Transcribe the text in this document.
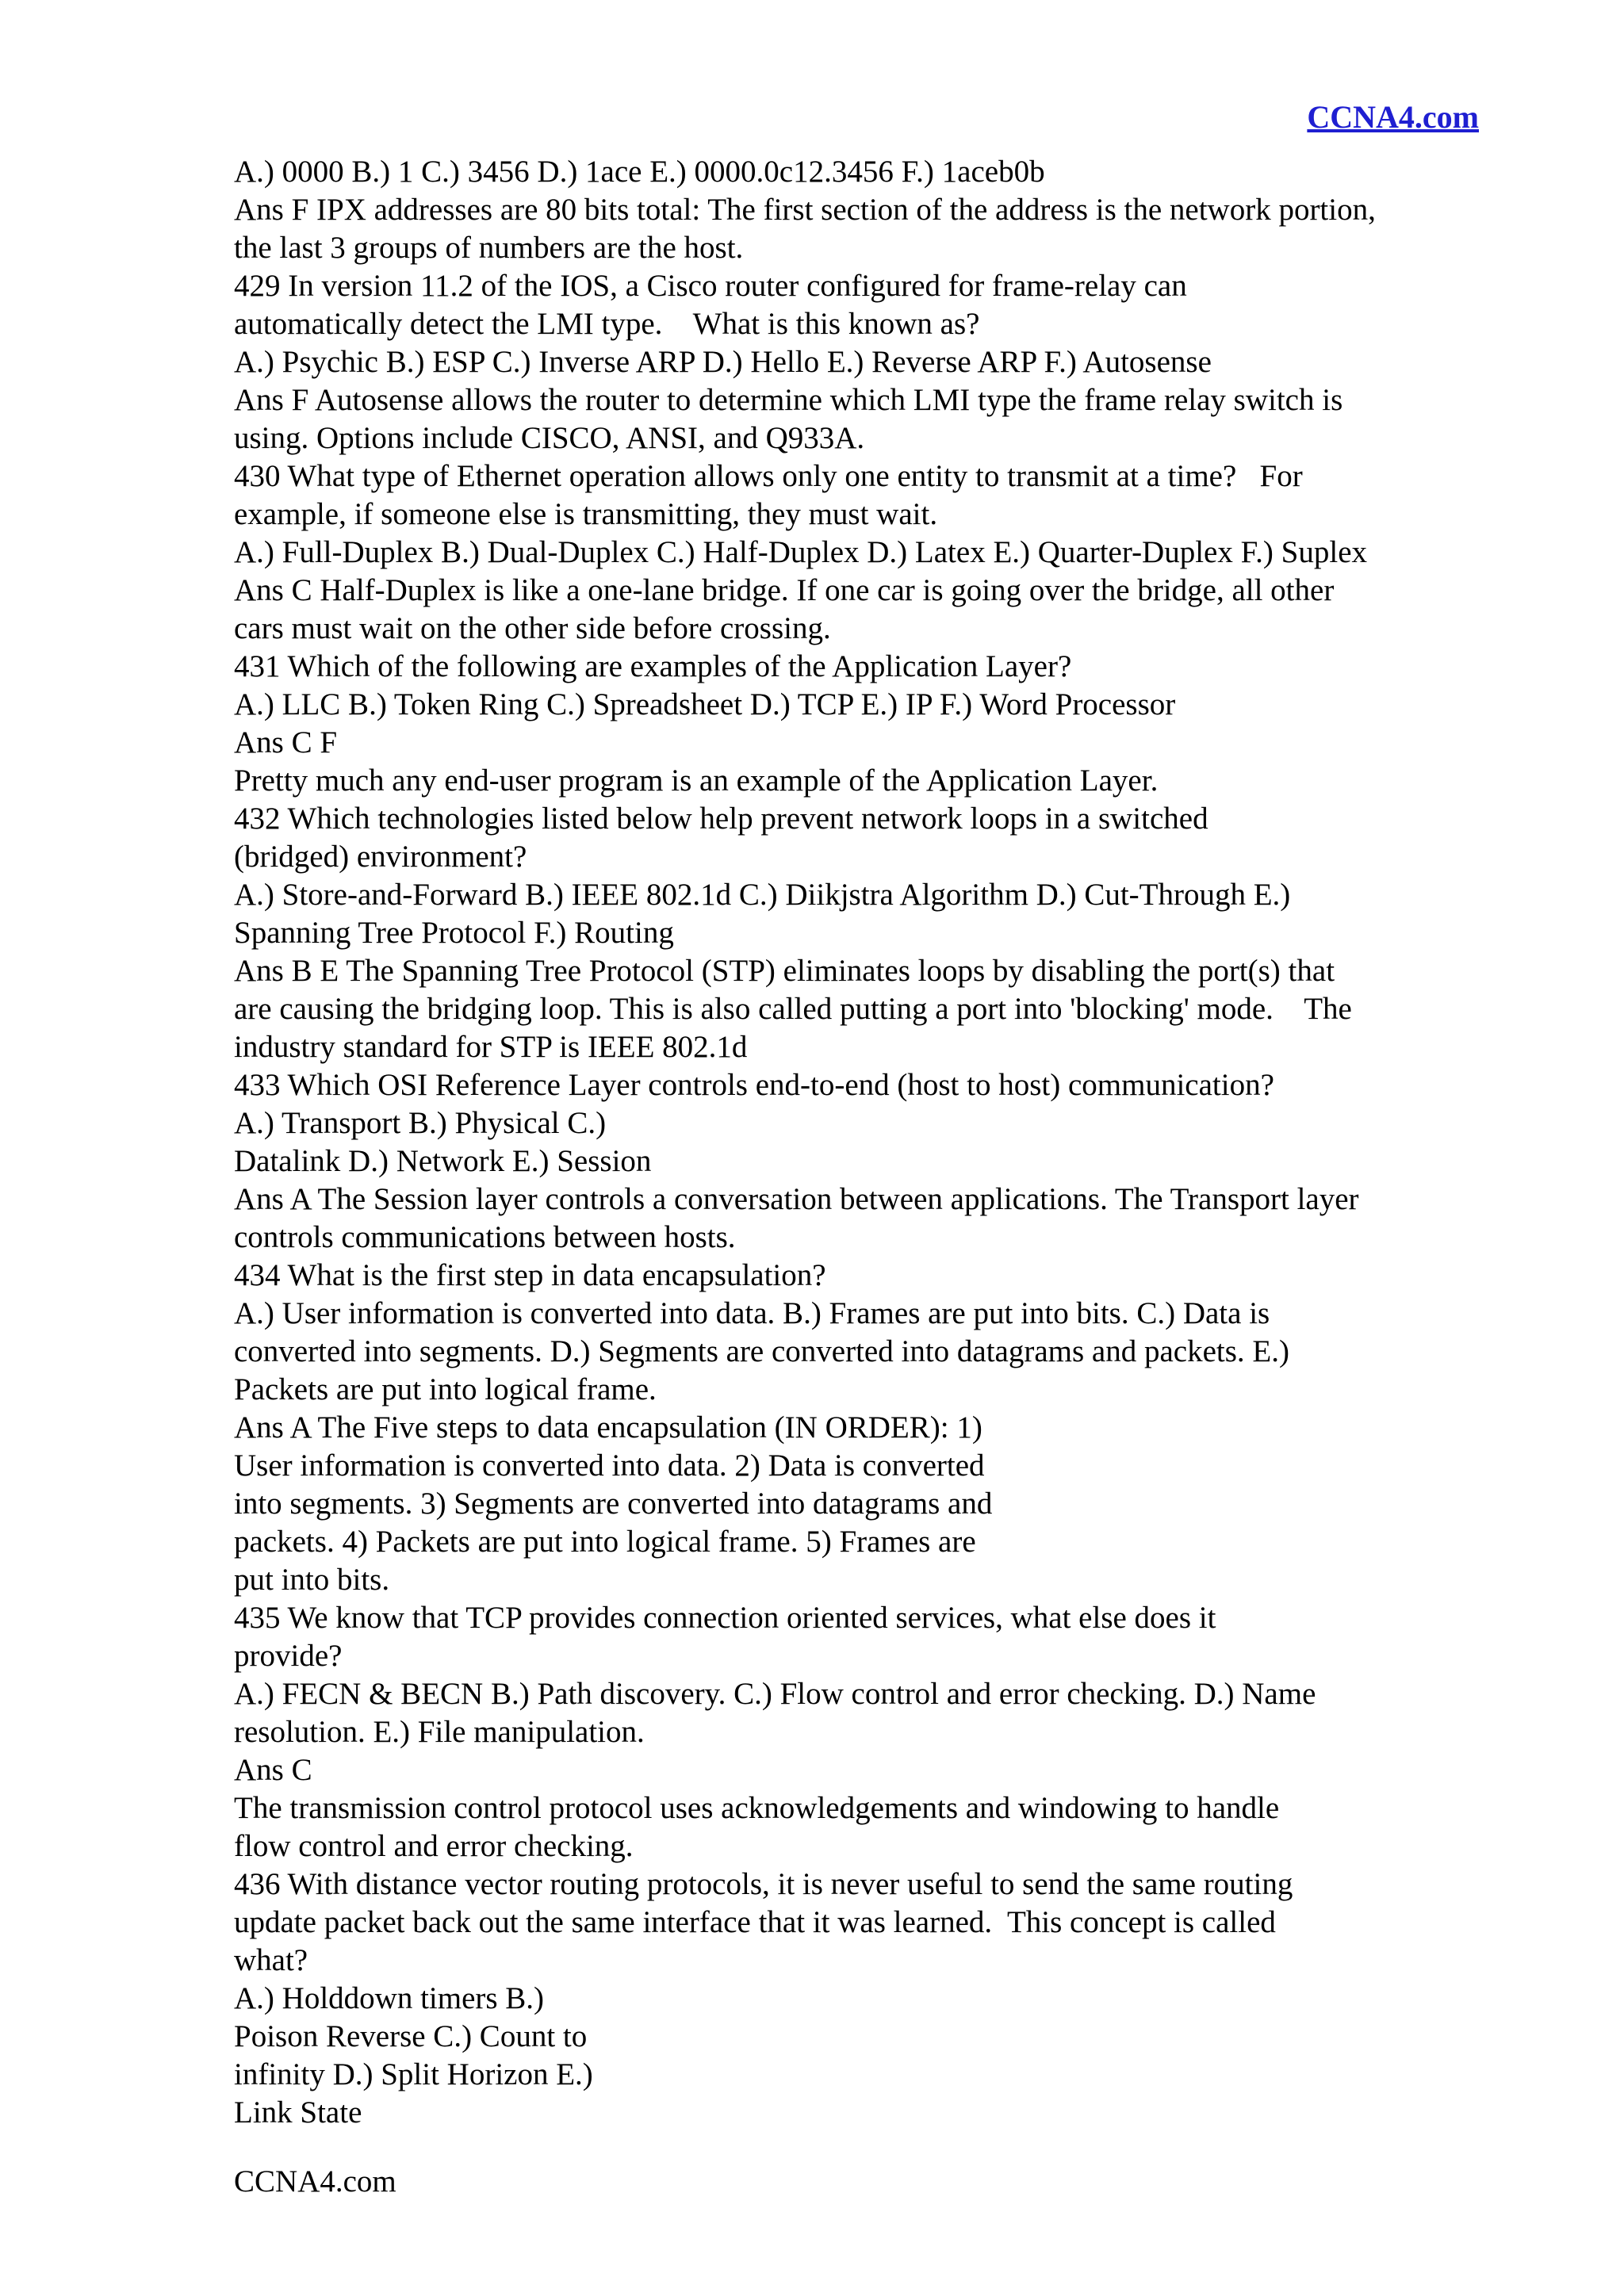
CCNA4.com
A.) 0000 B.) 1 C.) 3456 D.) 1ace E.) 0000.0c12.3456 F.) 1aceb0b
Ans F IPX addresses are 80 bits total: The first section of the address is the network portion,
the last 3 groups of numbers are the host.
429 In version 11.2 of the IOS, a Cisco router configured for frame-relay can
automatically detect the LMI type.    What is this known as?
A.) Psychic B.) ESP C.) Inverse ARP D.) Hello E.) Reverse ARP F.) Autosense
Ans F Autosense allows the router to determine which LMI type the frame relay switch is
using. Options include CISCO, ANSI, and Q933A.
430 What type of Ethernet operation allows only one entity to transmit at a time?   For
example, if someone else is transmitting, they must wait.
A.) Full-Duplex B.) Dual-Duplex C.) Half-Duplex D.) Latex E.) Quarter-Duplex F.) Suplex
Ans C Half-Duplex is like a one-lane bridge. If one car is going over the bridge, all other
cars must wait on the other side before crossing.
431 Which of the following are examples of the Application Layer?
A.) LLC B.) Token Ring C.) Spreadsheet D.) TCP E.) IP F.) Word Processor
Ans C F
Pretty much any end-user program is an example of the Application Layer.
432 Which technologies listed below help prevent network loops in a switched
(bridged) environment?
A.) Store-and-Forward B.) IEEE 802.1d C.) Diikjstra Algorithm D.) Cut-Through E.)
Spanning Tree Protocol F.) Routing
Ans B E The Spanning Tree Protocol (STP) eliminates loops by disabling the port(s) that
are causing the bridging loop. This is also called putting a port into 'blocking' mode.    The
industry standard for STP is IEEE 802.1d
433 Which OSI Reference Layer controls end-to-end (host to host) communication?
A.) Transport B.) Physical C.)
Datalink D.) Network E.) Session
Ans A The Session layer controls a conversation between applications. The Transport layer
controls communications between hosts.
434 What is the first step in data encapsulation?
A.) User information is converted into data. B.) Frames are put into bits. C.) Data is
converted into segments. D.) Segments are converted into datagrams and packets. E.)
Packets are put into logical frame.
Ans A The Five steps to data encapsulation (IN ORDER): 1)
User information is converted into data. 2) Data is converted
into segments. 3) Segments are converted into datagrams and
packets. 4) Packets are put into logical frame. 5) Frames are
put into bits.
435 We know that TCP provides connection oriented services, what else does it
provide?
A.) FECN & BECN B.) Path discovery. C.) Flow control and error checking. D.) Name
resolution. E.) File manipulation.
Ans C
The transmission control protocol uses acknowledgements and windowing to handle
flow control and error checking.
436 With distance vector routing protocols, it is never useful to send the same routing
update packet back out the same interface that it was learned.  This concept is called
what?
A.) Holddown timers B.)
Poison Reverse C.) Count to
infinity D.) Split Horizon E.)
Link State
CCNA4.com
